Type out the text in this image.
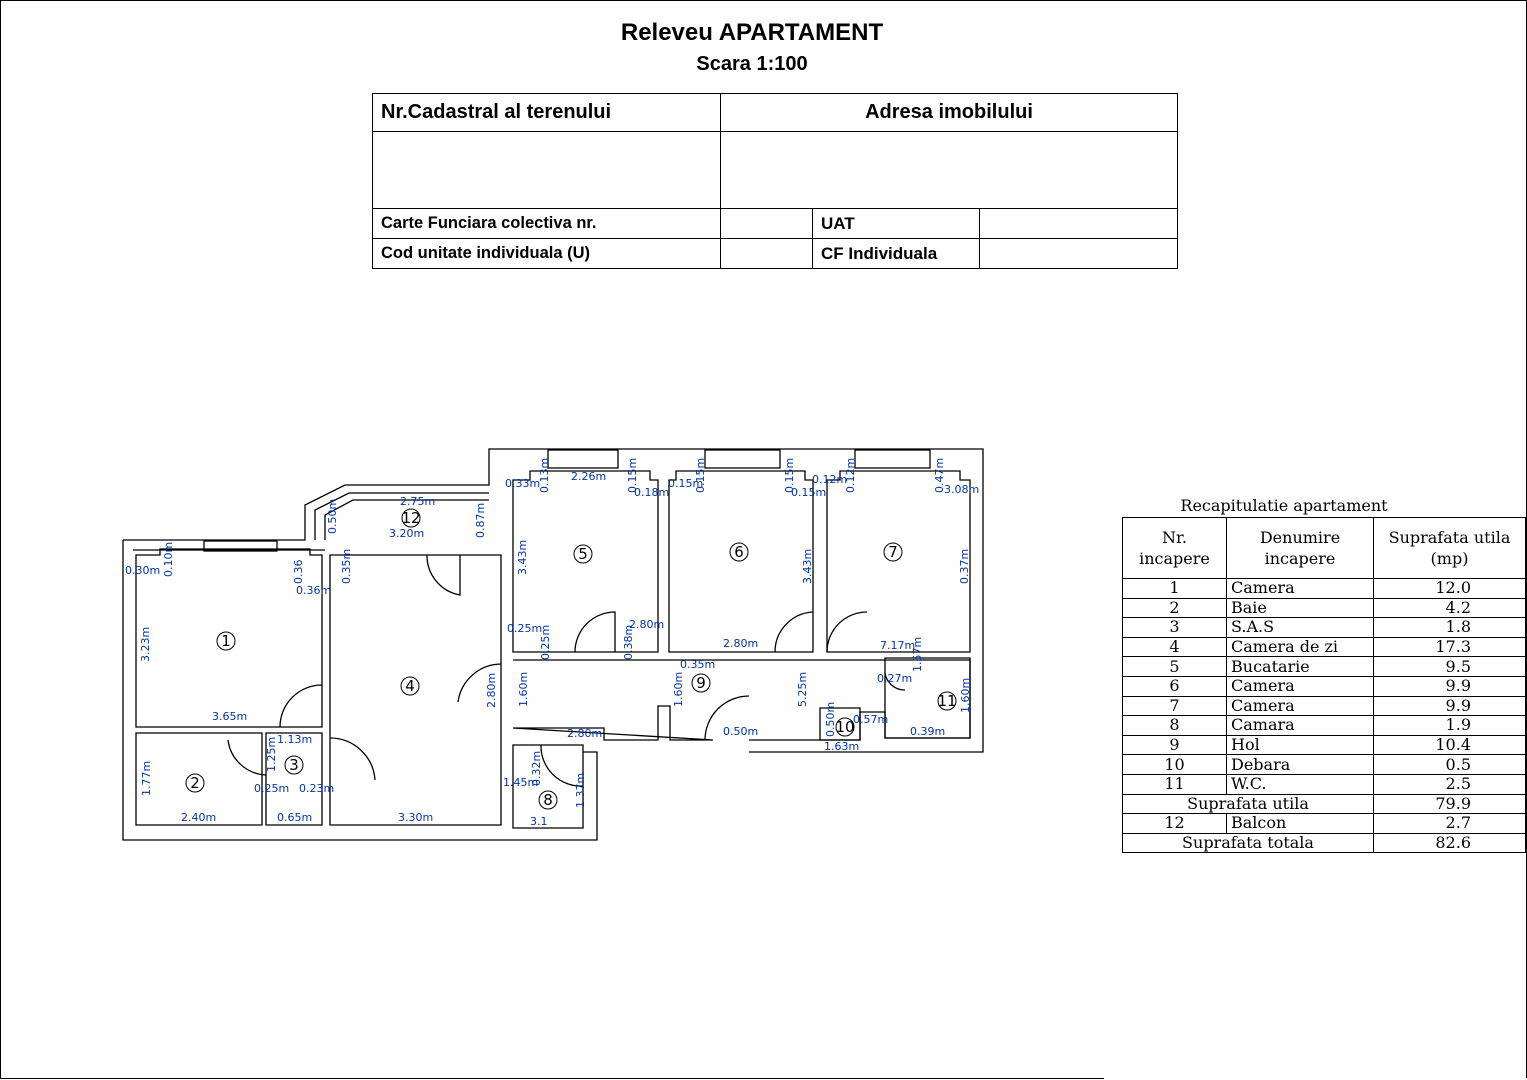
Releveu APARTAMENT
Scara 1:100
Nr.Cadastral al terenului	Adresa imobilului		

Carte Funciara colectiva nr.		UAT	
Cod unitate individuala (U)		CF Individuala	
1
2
3
4
5	6	7
8
9
10
11
12
0.30m 0.10m	0.36
0.36m
0.35m
0.50m	2.75m
3.20m	0.87m
3.23m
3.65m
1.13m
1.25m
1.77m
2.40m
0.25m 0.23m
0.65m	3.30m
0.33m
0.13m 2.26m 0.15m
0.18m
0.15m
0.15m	0.15m
0.15m
0.12m
0.12m	0.47m
3.08m
3.43m	3.43m	0.37m
0.25m
0.25m	0.38m
2.80m
2.80m	7.17m
0.35m
0.27m
1.57m
1.60m
1.60m	1.60m	5.25m
2.80m
2.80m	0.50m	0.50m 0.57m
1.63m
0.39m
0.32m
1.45m	1.37m
3.1
Recapitulatie apartament
Nr. incapere	Denumire incapere	Suprafata utila (mp)
1	Camera	12.0
2	Baie	4.2
3	S.A.S	1.8
4	Camera de zi	17.3
5	Bucatarie	9.5
6	Camera	9.9
7	Camera	9.9
8	Camara	1.9
9	Hol	10.4
10	Debara	0.5
11	W.C.	2.5
Suprafata utila		79.9
12	Balcon	2.7
Suprafata totala		82.6
